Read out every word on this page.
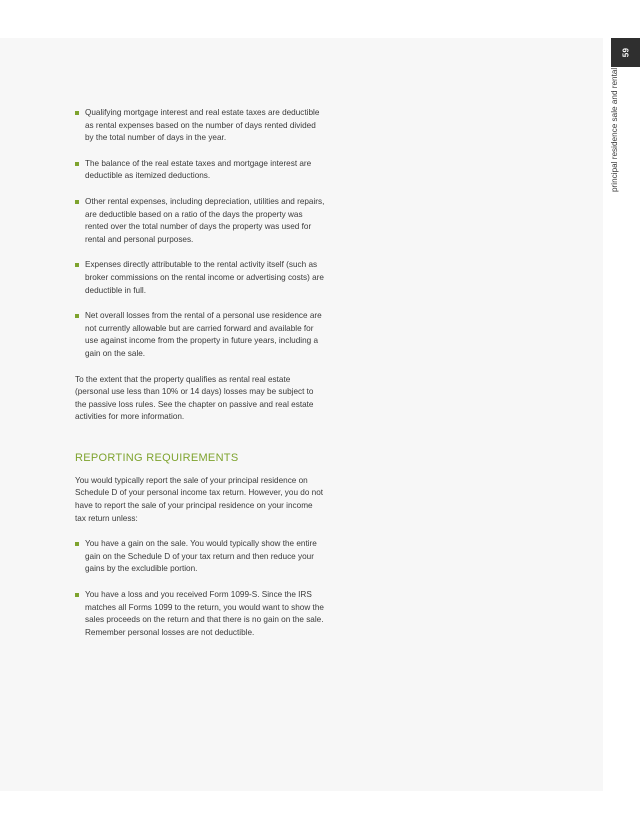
59
principal residence sale and rental
Qualifying mortgage interest and real estate taxes are deductible as rental expenses based on the number of days rented divided by the total number of days in the year.
The balance of the real estate taxes and mortgage interest are deductible as itemized deductions.
Other rental expenses, including depreciation, utilities and repairs, are deductible based on a ratio of the days the property was rented over the total number of days the property was used for rental and personal purposes.
Expenses directly attributable to the rental activity itself (such as broker commissions on the rental income or advertising costs) are deductible in full.
Net overall losses from the rental of a personal use residence are not currently allowable but are carried forward and available for use against income from the property in future years, including a gain on the sale.

To the extent that the property qualifies as rental real estate (personal use less than 10% or 14 days) losses may be subject to the passive loss rules. See the chapter on passive and real estate activities for more information.

REPORTING REQUIREMENTS

You would typically report the sale of your principal residence on Schedule D of your personal income tax return. However, you do not have to report the sale of your principal residence on your income tax return unless:

You have a gain on the sale. You would typically show the entire gain on the Schedule D of your tax return and then reduce your gains by the excludible portion.
You have a loss and you received Form 1099-S. Since the IRS matches all Forms 1099 to the return, you would want to show the sales proceeds on the return and that there is no gain on the sale. Remember personal losses are not deductible.
